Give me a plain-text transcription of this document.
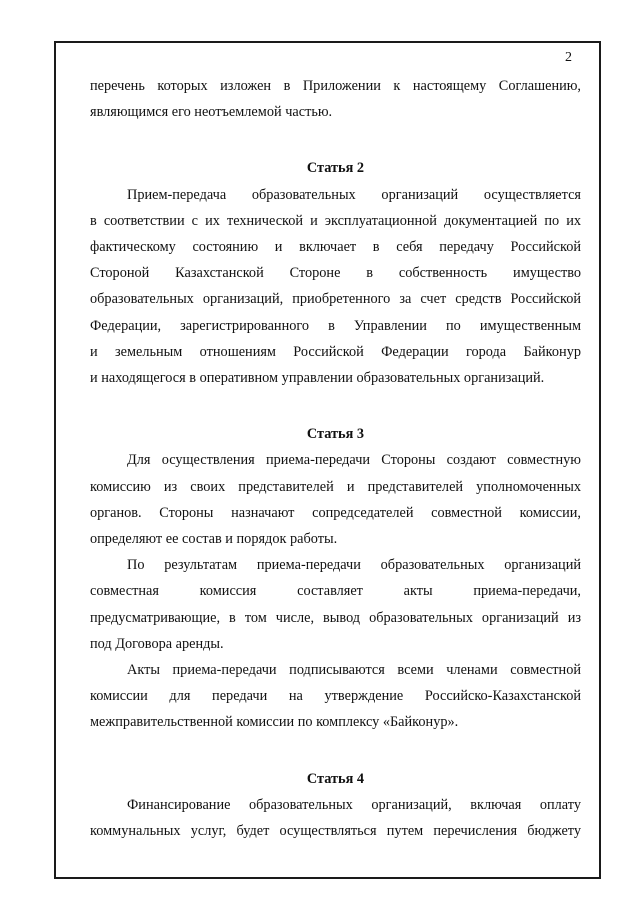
2

перечень которых изложен в Приложении к настоящему Соглашению,
являющимся его неотъемлемой частью.

Статья 2

Прием-передача образовательных организаций осуществляется
в соответствии с их технической и эксплуатационной документацией по их
фактическому состоянию и включает в себя передачу Российской
Стороной Казахстанской Стороне в собственность имущество
образовательных организаций, приобретенного за счет средств Российской
Федерации, зарегистрированного в Управлении по имущественным
и земельным отношениям Российской Федерации города Байконур
и находящегося в оперативном управлении образовательных организаций.

Статья 3

Для осуществления приема-передачи Стороны создают совместную
комиссию из своих представителей и представителей уполномоченных
органов. Стороны назначают сопредседателей совместной комиссии,
определяют ее состав и порядок работы.

По результатам приема-передачи образовательных организаций
совместная комиссия составляет акты приема-передачи,
предусматривающие, в том числе, вывод образовательных организаций из
под Договора аренды.

Акты приема-передачи подписываются всеми членами совместной
комиссии для передачи на утверждение Российско-Казахстанской
межправительственной комиссии по комплексу «Байконур».

Статья 4

Финансирование образовательных организаций, включая оплату
коммунальных услуг, будет осуществляться путем перечисления бюджету
